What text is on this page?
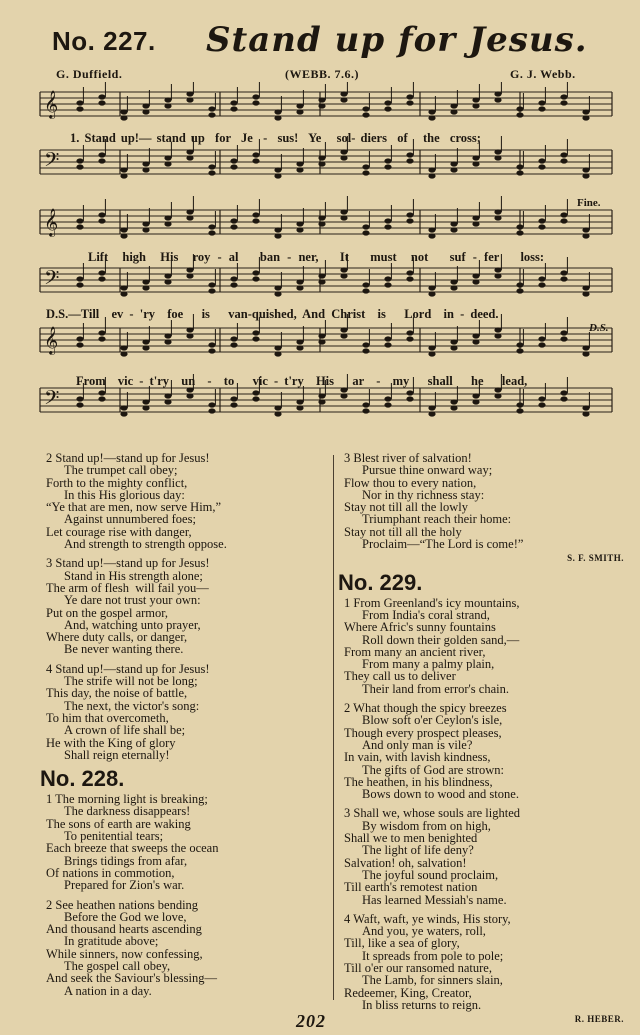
No. 227. Stand up for Jesus.
G. Duffield.	(WEBB. 7.6.)	G. J. Webb.
𝄞
𝄢
𝄞
𝄢
𝄞
𝄢
1. Stand up!— stand up  for  Je  -  sus!  Ye   sol- diers  of   the  cross;
Lift  high  His  roy - al   ban - ner,   It   must  not   suf - fer   loss:
D.S.—Till  ev - 'ry  foe   is   van-quished, And Christ  is   Lord  in - deed.
From  vic - t'ry  un  -  to   vic - t'ry  His   ar  -  my   shall   he   lead,
Fine.
D.S.
2 Stand up!—stand up for Jesus!
The trumpet call obey;
Forth to the mighty conflict,
In this His glorious day:
“Ye that are men, now serve Him,”
Against unnumbered foes;
Let courage rise with danger,
And strength to strength oppose.
3 Stand up!—stand up for Jesus!
Stand in His strength alone;
The arm of flesh  will fail you—
Ye dare not trust your own:
Put on the gospel armor,
And, watching unto prayer,
Where duty calls, or danger,
Be never wanting there.
4 Stand up!—stand up for Jesus!
The strife will not be long;
This day, the noise of battle,
The next, the victor's song:
To him that overcometh,
A crown of life shall be;
He with the King of glory
Shall reign eternally!
No. 228.
1 The morning light is breaking;
The darkness disappears!
The sons of earth are waking
To penitential tears;
Each breeze that sweeps the ocean
Brings tidings from afar,
Of nations in commotion,
Prepared for Zion's war.
2 See heathen nations bending
Before the God we love,
And thousand hearts ascending
In gratitude above;
While sinners, now confessing,
The gospel call obey,
And seek the Saviour's blessing—
A nation in a day.
3 Blest river of salvation!
Pursue thine onward way;
Flow thou to every nation,
Nor in thy richness stay:
Stay not till all the lowly
Triumphant reach their home:
Stay not till all the holy
Proclaim—“The Lord is come!”
S. F. SMITH.
No. 229.
1 From Greenland's icy mountains,
From India's coral strand,
Where Afric's sunny fountains
Roll down their golden sand,—
From many an ancient river,
From many a palmy plain,
They call us to deliver
Their land from error's chain.
2 What though the spicy breezes
Blow soft o'er Ceylon's isle,
Though every prospect pleases,
And only man is vile?
In vain, with lavish kindness,
The gifts of God are strown:
The heathen, in his blindness,
Bows down to wood and stone.
3 Shall we, whose souls are lighted
By wisdom from on high,
Shall we to men benighted
The light of life deny?
Salvation! oh, salvation!
The joyful sound proclaim,
Till earth's remotest nation
Has learned Messiah's name.
4 Waft, waft, ye winds, His story,
And you, ye waters, roll,
Till, like a sea of glory,
It spreads from pole to pole;
Till o'er our ransomed nature,
The Lamb, for sinners slain,
Redeemer, King, Creator,
In bliss returns to reign.
R. HEBER.
202
